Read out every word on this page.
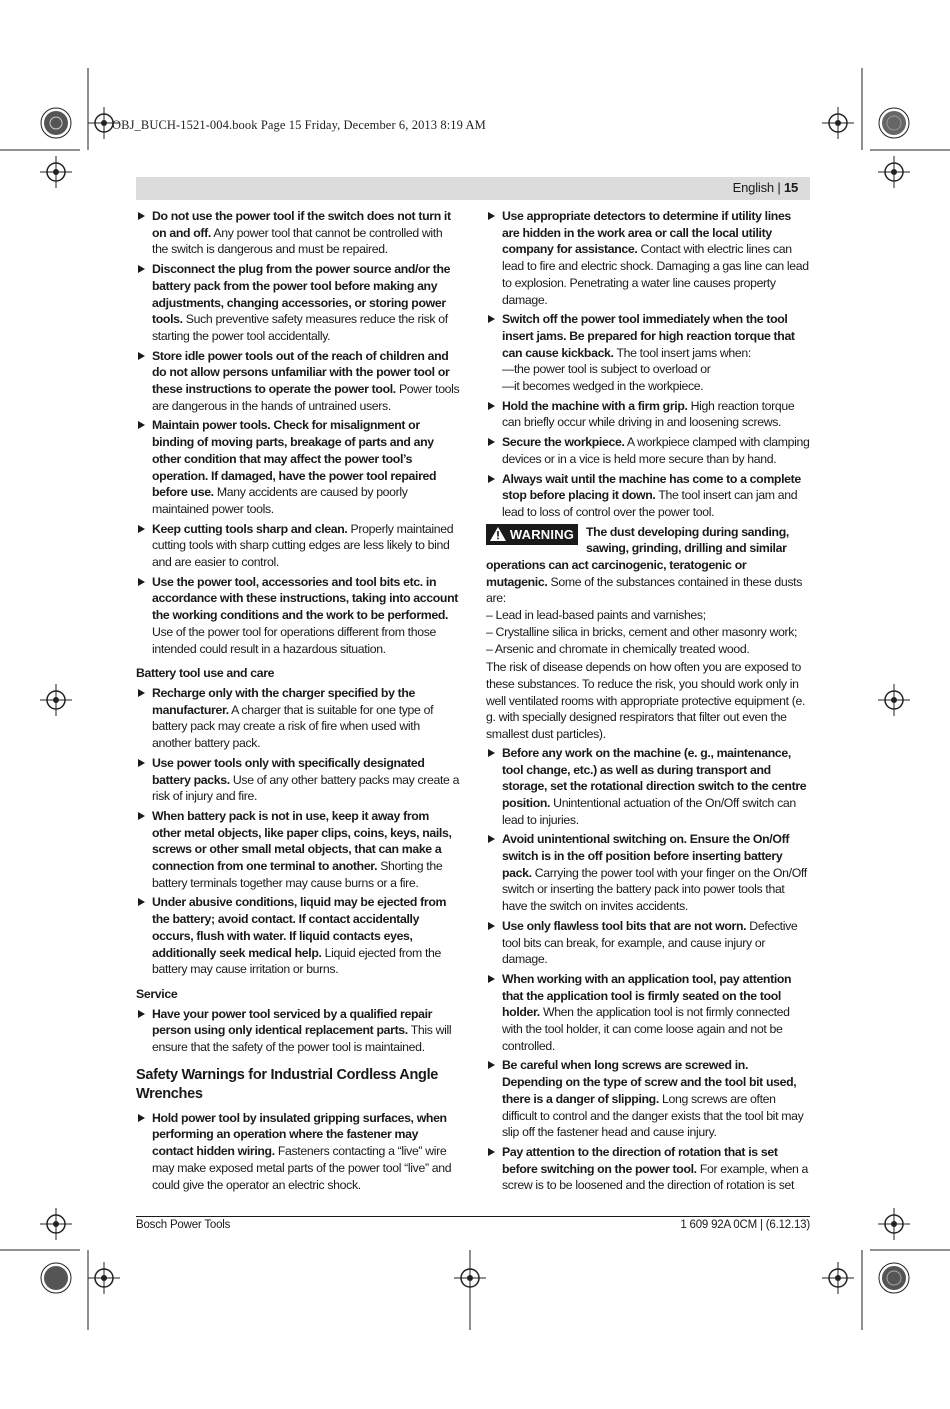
OBJ_BUCH-1521-004.book Page 15 Friday, December 6, 2013 8:19 AM
English | 15
Do not use the power tool if the switch does not turn it on and off. Any power tool that cannot be controlled with the switch is dangerous and must be repaired.
Disconnect the plug from the power source and/or the battery pack from the power tool before making any adjustments, changing accessories, or storing power tools. Such preventive safety measures reduce the risk of starting the power tool accidentally.
Store idle power tools out of the reach of children and do not allow persons unfamiliar with the power tool or these instructions to operate the power tool. Power tools are dangerous in the hands of untrained users.
Maintain power tools. Check for misalignment or binding of moving parts, breakage of parts and any other condition that may affect the power tool’s operation. If damaged, have the power tool repaired before use. Many accidents are caused by poorly maintained power tools.
Keep cutting tools sharp and clean. Properly maintained cutting tools with sharp cutting edges are less likely to bind and are easier to control.
Use the power tool, accessories and tool bits etc. in accordance with these instructions, taking into account the working conditions and the work to be performed. Use of the power tool for operations different from those intended could result in a hazardous situation.
Battery tool use and care
Recharge only with the charger specified by the manufacturer. A charger that is suitable for one type of battery pack may create a risk of fire when used with another battery pack.
Use power tools only with specifically designated battery packs. Use of any other battery packs may create a risk of injury and fire.
When battery pack is not in use, keep it away from other metal objects, like paper clips, coins, keys, nails, screws or other small metal objects, that can make a connection from one terminal to another. Shorting the battery terminals together may cause burns or a fire.
Under abusive conditions, liquid may be ejected from the battery; avoid contact. If contact accidentally occurs, flush with water. If liquid contacts eyes, additionally seek medical help. Liquid ejected from the battery may cause irritation or burns.
Service
Have your power tool serviced by a qualified repair person using only identical replacement parts. This will ensure that the safety of the power tool is maintained.
Safety Warnings for Industrial Cordless Angle Wrenches
Hold power tool by insulated gripping surfaces, when performing an operation where the fastener may contact hidden wiring. Fasteners contacting a “live” wire may make exposed metal parts of the power tool “live” and could give the operator an electric shock.
Use appropriate detectors to determine if utility lines are hidden in the work area or call the local utility company for assistance. Contact with electric lines can lead to fire and electric shock. Damaging a gas line can lead to explosion. Penetrating a water line causes property damage.
Switch off the power tool immediately when the tool insert jams. Be prepared for high reaction torque that can cause kickback. The tool insert jams when:

—the power tool is subject to overload or

—it becomes wedged in the workpiece.

Hold the machine with a firm grip. High reaction torque can briefly occur while driving in and loosening screws.
Secure the workpiece. A workpiece clamped with clamping devices or in a vice is held more secure than by hand.
Always wait until the machine has come to a complete stop before placing it down. The tool insert can jam and lead to loss of control over the power tool.
WARNING The dust developing during sanding, sawing, grinding, drilling and similar operations can act carcinogenic, teratogenic or mutagenic. Some of the substances contained in these dusts are:

– Lead in lead-based paints and varnishes;

– Crystalline silica in bricks, cement and other masonry work;

– Arsenic and chromate in chemically treated wood.

The risk of disease depends on how often you are exposed to these substances. To reduce the risk, you should work only in well ventilated rooms with appropriate protective equipment (e. g. with specially designed respirators that filter out even the smallest dust particles).

Before any work on the machine (e. g., maintenance, tool change, etc.) as well as during transport and storage, set the rotational direction switch to the centre position. Unintentional actuation of the On/Off switch can lead to injuries.
Avoid unintentional switching on. Ensure the On/Off switch is in the off position before inserting battery pack. Carrying the power tool with your finger on the On/Off switch or inserting the battery pack into power tools that have the switch on invites accidents.
Use only flawless tool bits that are not worn. Defective tool bits can break, for example, and cause injury or damage.
When working with an application tool, pay attention that the application tool is firmly seated on the tool holder. When the application tool is not firmly connected with the tool holder, it can come loose again and not be controlled.
Be careful when long screws are screwed in. Depending on the type of screw and the tool bit used, there is a danger of slipping. Long screws are often difficult to control and the danger exists that the tool bit may slip off the fastener head and cause injury.
Pay attention to the direction of rotation that is set before switching on the power tool. For example, when a screw is to be loosened and the direction of rotation is set
Bosch Power Tools	1 609 92A 0CM | (6.12.13)
